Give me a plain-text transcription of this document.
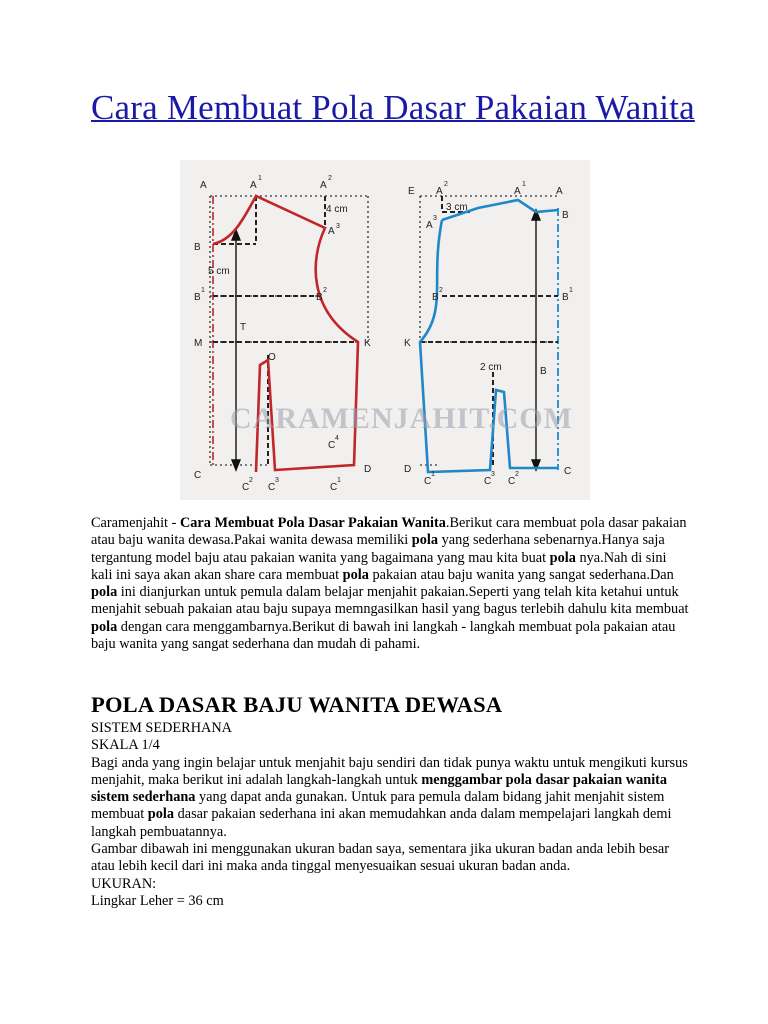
Cara Membuat Pola Dasar Pakaian Wanita
CARAMENJAHIT.COM
A	A
1
A
2
4 cm
A 3
B
5 cm
B
1
B
2
T
M	K
O
C
4
C
C
2
C
3
C
1
D
E A
2
A
1
A
B
3 cm
A
3
B
2
B
1
K
2 cm	B
D
C
1
C
3
C
2	C
Caramenjahit - Cara Membuat Pola Dasar Pakaian Wanita.Berikut cara membuat pola dasar pakaian atau baju wanita dewasa.Pakai wanita dewasa memiliki pola yang sederhana sebenarnya.Hanya saja tergantung model baju atau pakaian wanita yang bagaimana yang mau kita buat pola nya.Nah di sini kali ini saya akan akan share cara membuat pola pakaian atau baju wanita yang sangat sederhana.Dan pola ini dianjurkan untuk pemula dalam belajar menjahit pakaian.Seperti yang telah kita ketahui untuk menjahit sebuah pakaian atau baju supaya memngasilkan hasil yang bagus terlebih dahulu kita membuat pola dengan cara menggambarnya.Berikut di bawah ini langkah - langkah membuat pola pakaian atau baju wanita yang sangat sederhana dan mudah di pahami.
POLA DASAR BAJU WANITA DEWASA
SISTEM SEDERHANA
SKALA 1/4
Bagi anda yang ingin belajar untuk menjahit baju sendiri dan tidak punya waktu untuk mengikuti kursus menjahit, maka berikut ini adalah langkah-langkah untuk menggambar pola dasar pakaian wanita sistem sederhana yang dapat anda gunakan. Untuk para pemula dalam bidang jahit menjahit sistem membuat pola dasar pakaian sederhana ini akan memudahkan anda dalam mempelajari langkah demi langkah pembuatannya.
Gambar dibawah ini menggunakan ukuran badan saya, sementara jika ukuran badan anda lebih besar atau lebih kecil dari ini maka anda tinggal menyesuaikan sesuai ukuran badan anda.
UKURAN:
Lingkar Leher = 36 cm
